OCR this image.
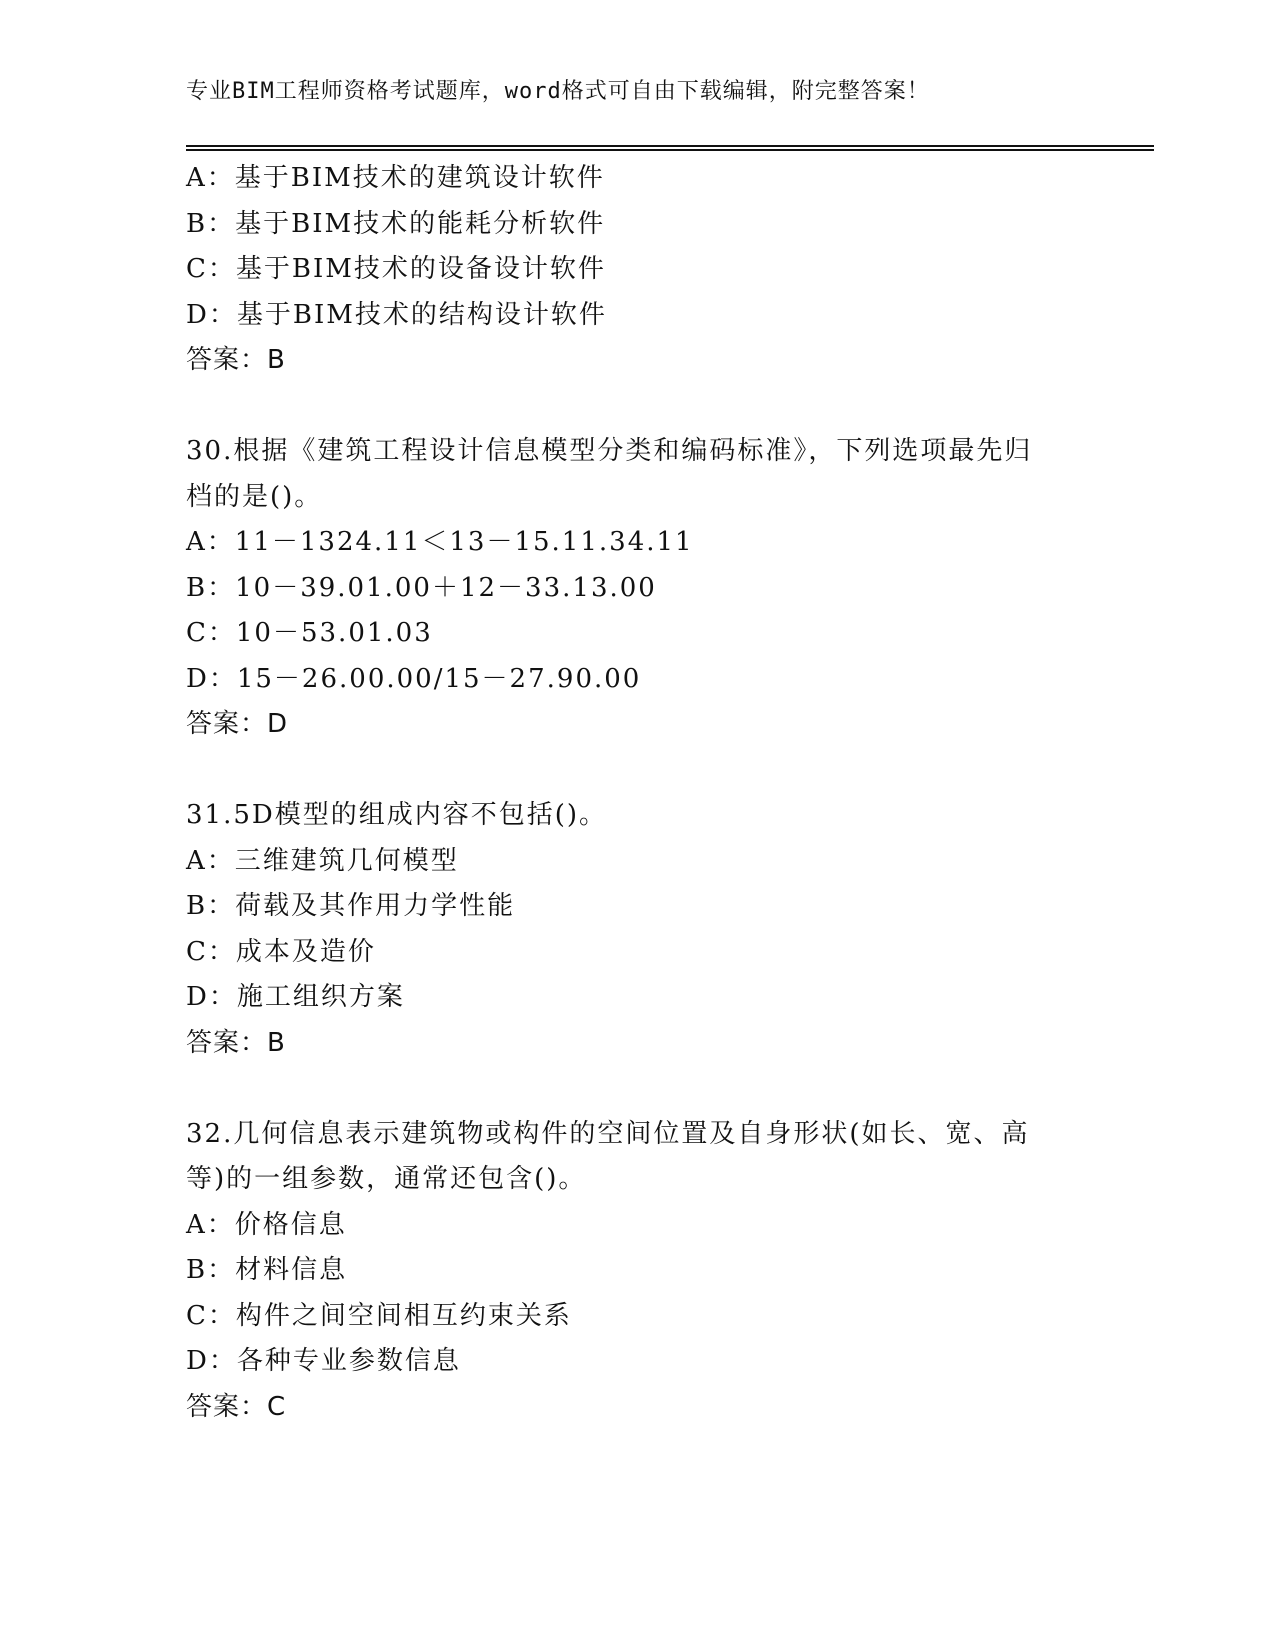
专业BIM工程师资格考试题库，word格式可自由下载编辑，附完整答案！
A：基于BIM技术的建筑设计软件
B：基于BIM技术的能耗分析软件
C：基于BIM技术的设备设计软件
D：基于BIM技术的结构设计软件
答案：B
30.根据《建筑工程设计信息模型分类和编码标准》，下列选项最先归
档的是()。
A：11－1324.11＜13－15.11.34.11
B：10－39.01.00＋12－33.13.00
C：10－53.01.03
D：15－26.00.00/15－27.90.00
答案：D
31.5D模型的组成内容不包括()。
A：三维建筑几何模型
B：荷载及其作用力学性能
C：成本及造价
D：施工组织方案
答案：B
32.几何信息表示建筑物或构件的空间位置及自身形状(如长、宽、高
等)的一组参数，通常还包含()。
A：价格信息
B：材料信息
C：构件之间空间相互约束关系
D：各种专业参数信息
答案：C
